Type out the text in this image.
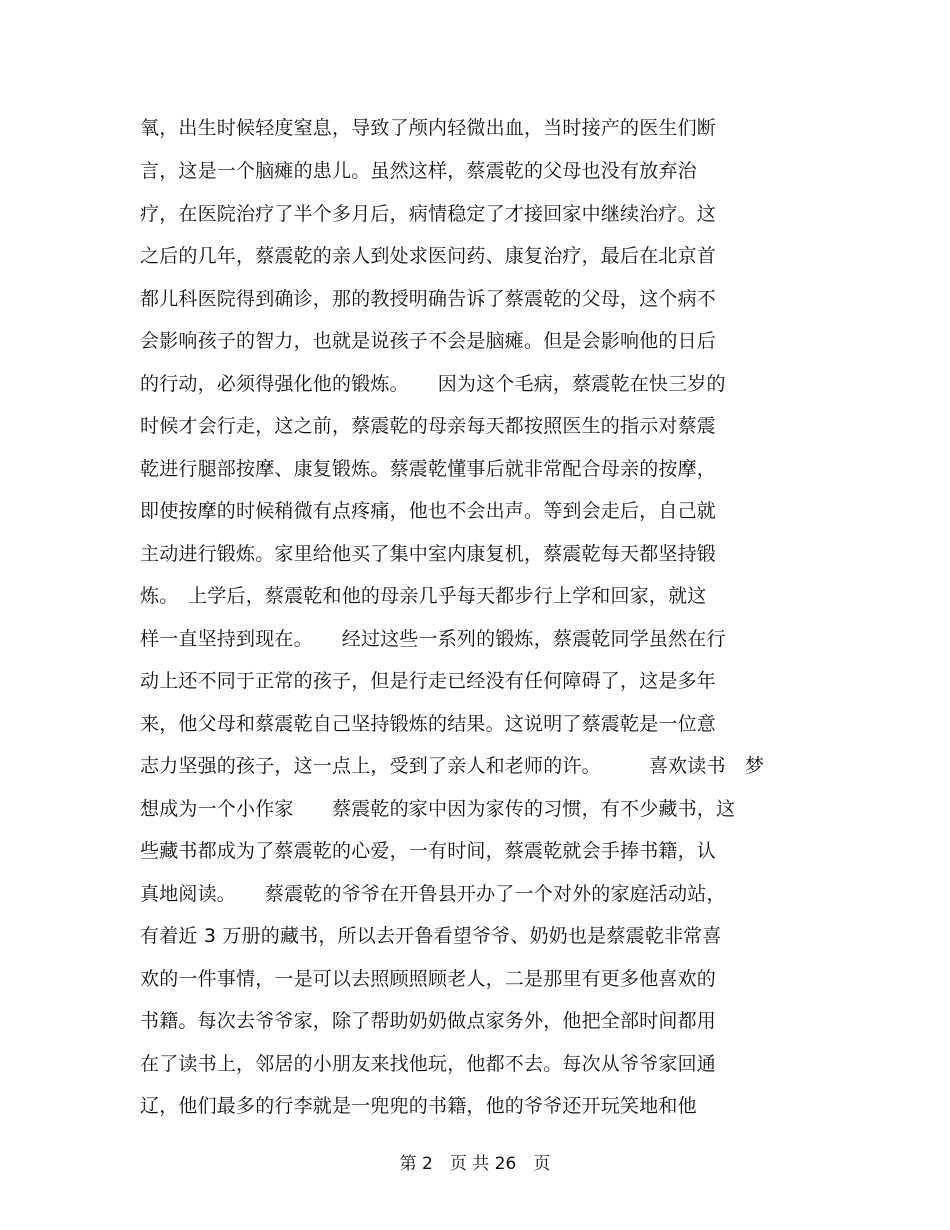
氧，出生时候轻度窒息，导致了颅内轻微出血，当时接产的医生们断
言，这是一个脑瘫的患儿。虽然这样，蔡震乾的父母也没有放弃治
疗，在医院治疗了半个多月后，病情稳定了才接回家中继续治疗。这
之后的几年，蔡震乾的亲人到处求医问药、康复治疗，最后在北京首
都儿科医院得到确诊，那的教授明确告诉了蔡震乾的父母，这个病不
会影响孩子的智力，也就是说孩子不会是脑瘫。但是会影响他的日后
的行动，必须得强化他的锻炼。　　因为这个毛病，蔡震乾在快三岁的
时候才会行走，这之前，蔡震乾的母亲每天都按照医生的指示对蔡震
乾进行腿部按摩、康复锻炼。蔡震乾懂事后就非常配合母亲的按摩，
即使按摩的时候稍微有点疼痛，他也不会出声。等到会走后，自己就
主动进行锻炼。家里给他买了集中室内康复机，蔡震乾每天都坚持锻
炼。　上学后，蔡震乾和他的母亲几乎每天都步行上学和回家，就这
样一直坚持到现在。　　经过这些一系列的锻炼，蔡震乾同学虽然在行
动上还不同于正常的孩子，但是行走已经没有任何障碍了，这是多年
来，他父母和蔡震乾自己坚持锻炼的结果。这说明了蔡震乾是一位意
志力坚强的孩子，这一点上，受到了亲人和老师的许。　　　喜欢读书　梦
想成为一个小作家　　蔡震乾的家中因为家传的习惯，有不少藏书，这
些藏书都成为了蔡震乾的心爱，一有时间，蔡震乾就会手捧书籍，认
真地阅读。　　蔡震乾的爷爷在开鲁县开办了一个对外的家庭活动站，
有着近 3 万册的藏书，所以去开鲁看望爷爷、奶奶也是蔡震乾非常喜
欢的一件事情，一是可以去照顾照顾老人，二是那里有更多他喜欢的
书籍。每次去爷爷家，除了帮助奶奶做点家务外，他把全部时间都用
在了读书上，邻居的小朋友来找他玩，他都不去。每次从爷爷家回通
辽，他们最多的行李就是一兜兜的书籍，他的爷爷还开玩笑地和他
第 2　页 共 26　页
